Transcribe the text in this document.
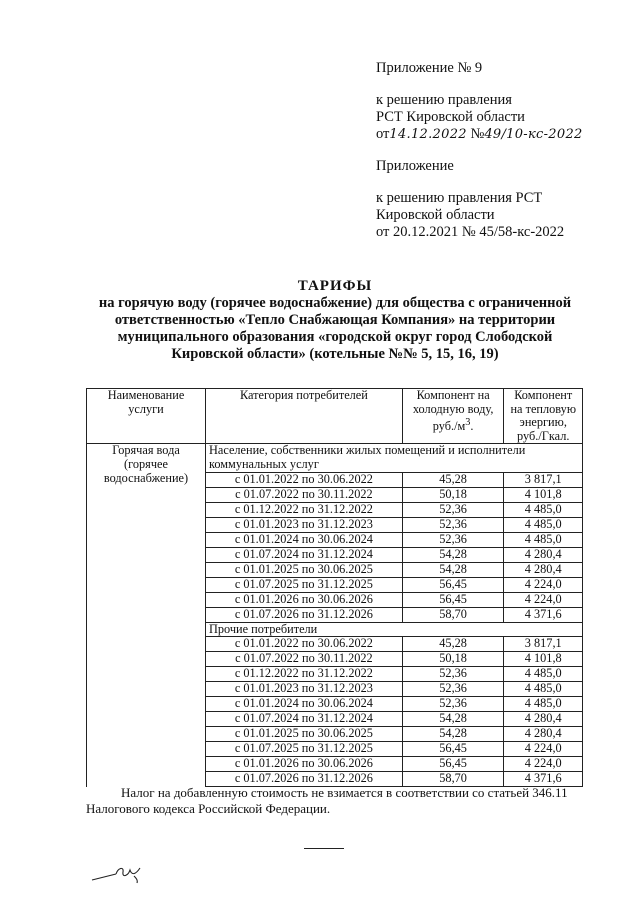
Приложение № 9
к решению правления
РСТ Кировской области
от14.12.2022 №49/10-кс-2022
Приложение
к решению правления РСТ
Кировской области
от 20.12.2021 № 45/58-кс-2022
ТАРИФЫ
на горячую воду (горячее водоснабжение) для общества с ограниченной
ответственностью «Тепло Снабжающая Компания» на территории
муниципального образования «городской округ город Слободской
Кировской области» (котельные №№ 5, 15, 16, 19)
Наименование услуги	Категория потребителей	Компонент на холодную воду, $руб./м^3$.	Компонент на тепловую энергию, руб./Гкал.
Горячая вода (горячее водоснабжение)	Население, собственники жилых помещений и исполнители коммунальных услуг		
	с 01.01.2022 по 30.06.2022	45,28	3 817,1
	с 01.07.2022 по 30.11.2022	50,18	4 101,8
	с 01.12.2022 по 31.12.2022	52,36	4 485,0
	с 01.01.2023 по 31.12.2023	52,36	4 485,0
	с 01.01.2024 по 30.06.2024	52,36	4 485,0
	с 01.07.2024 по 31.12.2024	54,28	4 280,4
	с 01.01.2025 по 30.06.2025	54,28	4 280,4
	с 01.07.2025 по 31.12.2025	56,45	4 224,0
	с 01.01.2026 по 30.06.2026	56,45	4 224,0
	с 01.07.2026 по 31.12.2026	58,70	4 371,6
	Прочие потребители		
	с 01.01.2022 по 30.06.2022	45,28	3 817,1
	с 01.07.2022 по 30.11.2022	50,18	4 101,8
	с 01.12.2022 по 31.12.2022	52,36	4 485,0
	с 01.01.2023 по 31.12.2023	52,36	4 485,0
	с 01.01.2024 по 30.06.2024	52,36	4 485,0
	с 01.07.2024 по 31.12.2024	54,28	4 280,4
	с 01.01.2025 по 30.06.2025	54,28	4 280,4
	с 01.07.2025 по 31.12.2025	56,45	4 224,0
	с 01.01.2026 по 30.06.2026	56,45	4 224,0
	с 01.07.2026 по 31.12.2026	58,70	4 371,6
Налог на добавленную стоимость не взимается в соответствии со статьей 346.11 Налогового кодекса Российской Федерации.
